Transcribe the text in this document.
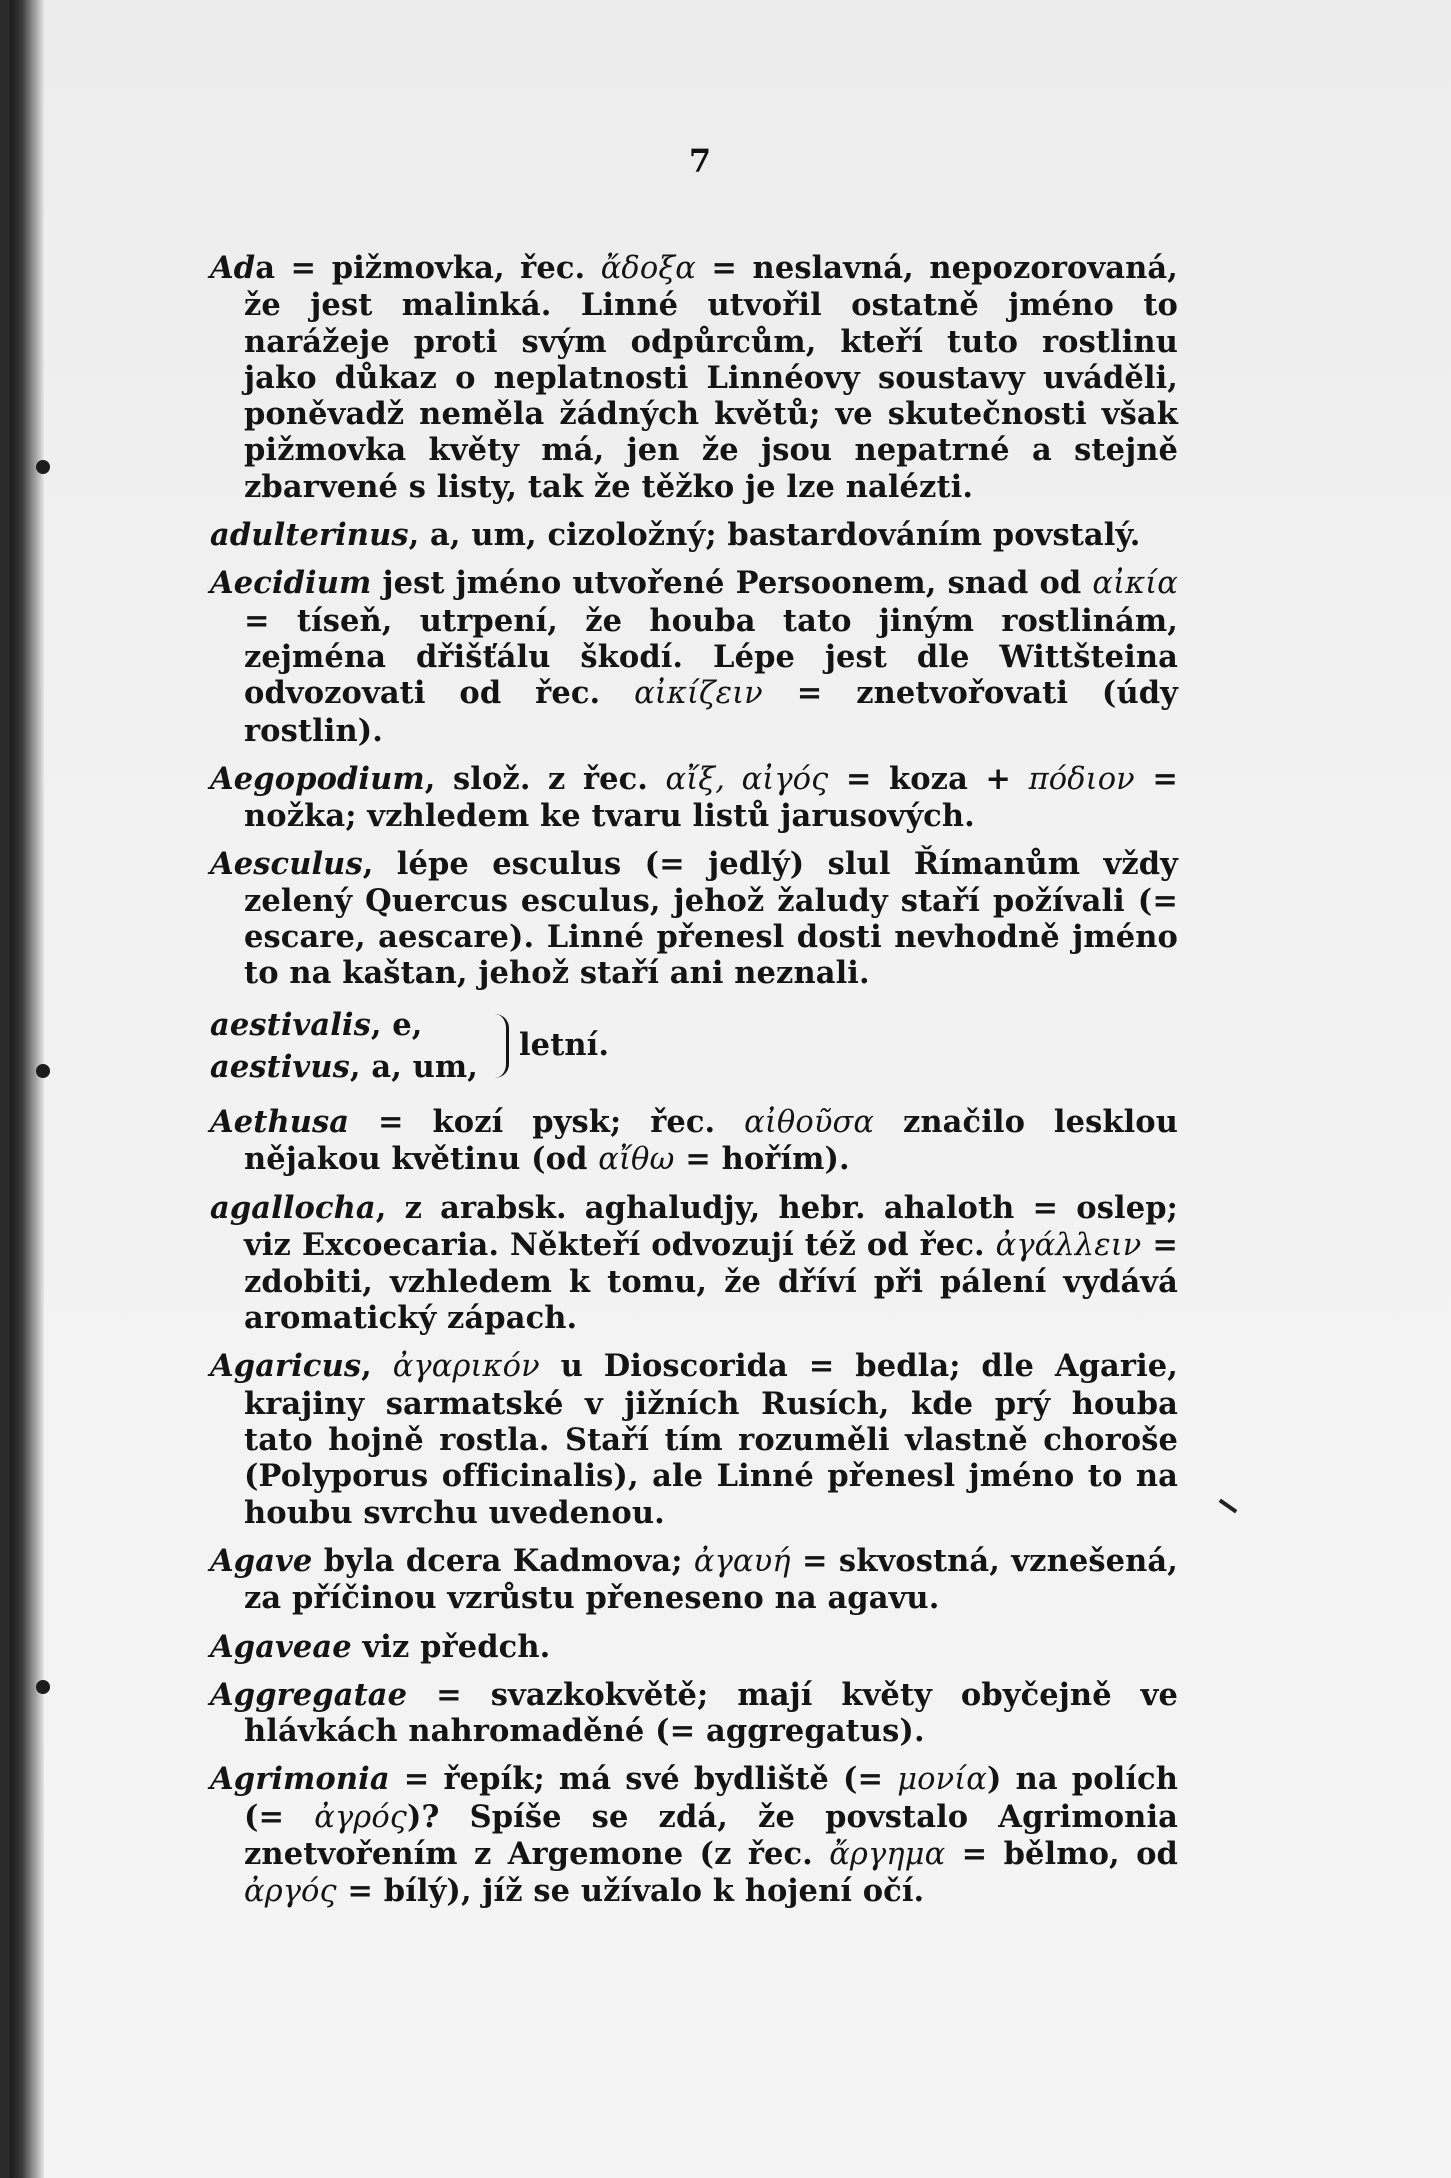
7

Ada = pižmovka, řec. ἄδοξα = neslavná, nepozorovaná, že jest malinká. Linné utvořil ostatně jméno to narážeje proti svým odpůrcům, kteří tuto rostlinu jako důkaz o neplatnosti Linnéovy soustavy uváděli, poněvadž neměla žádných květů; ve skutečnosti však pižmovka květy má, jen že jsou nepatrné a stejně zbarvené s listy, tak že těžko je lze nalézti.

adulterinus, a, um, cizoložný; bastardováním povstalý.

Aecidium jest jméno utvořené Persoonem, snad od αἰκία = tíseň, utrpení, že houba tato jiným rostlinám, zejména dřišťálu škodí. Lépe jest dle Wittšteina odvozovati od řec. αἰκίζειν = znetvořovati (údy rostlin).

Aegopodium, slož. z řec. αἴξ, αἰγός = koza + πόδιον = nožka; vzhledem ke tvaru listů jarusových.

Aesculus, lépe esculus (= jedlý) slul Římanům vždy zelený Quercus esculus, jehož žaludy staří požívali (= escare, aescare). Linné přenesl dosti nevhodně jméno to na kaštan, jehož staří ani neznali.

aestivalis, e,
aestivus, a, um,
letní.

Aethusa = kozí pysk; řec. αἰθοῦσα značilo lesklou nějakou květinu (od αἴθω = hořím).

agallocha, z arabsk. aghaludjy, hebr. ahaloth = oslep; viz Excoecaria. Někteří odvozují též od řec. ἀγάλλειν = zdobiti, vzhledem k tomu, že dříví při pálení vydává aromatický zápach.

Agaricus, ἀγαρικόν u Dioscorida = bedla; dle Agarie, krajiny sarmatské v jižních Rusích, kde prý houba tato hojně rostla. Staří tím rozuměli vlastně choroše (Polyporus officinalis), ale Linné přenesl jméno to na houbu svrchu uvedenou.

Agave byla dcera Kadmova; ἀγαυή = skvostná, vznešená, za příčinou vzrůstu přeneseno na agavu.

Agaveae viz předch.

Aggregatae = svazkokvětě; mají květy obyčejně ve hlávkách nahromaděné (= aggregatus).

Agrimonia = řepík; má své bydliště (= μονία) na polích (= ἀγρός)? Spíše se zdá, že povstalo Agrimonia znetvořením z Argemone (z řec. ἄργημα = bělmo, od ἀργός = bílý), jíž se užívalo k hojení očí.
